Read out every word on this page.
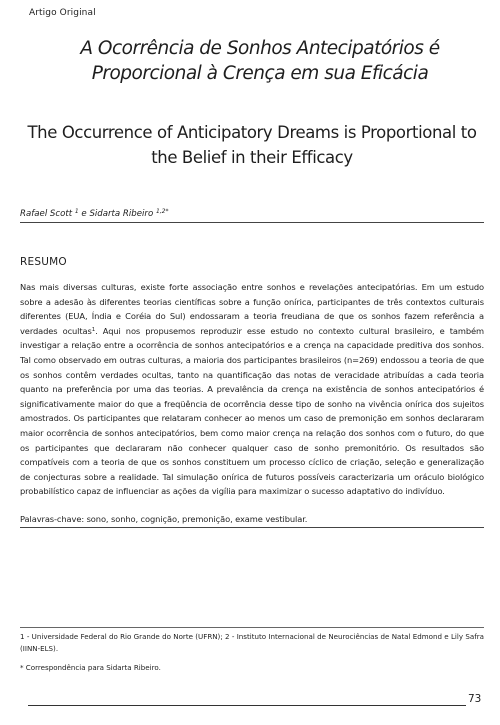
Artigo Original
A Ocorrência de Sonhos Antecipatórios é Proporcional à Crença em sua Eficácia
The Occurrence of Anticipatory Dreams is Proportional to the Belief in their Efficacy
Rafael Scott $^1$ e Sidarta Ribeiro $^{1,2*}$
RESUMO
Nas mais diversas culturas, existe forte associação entre sonhos e revelações antecipatórias. Em um estudo sobre a adesão às diferentes teorias científicas sobre a função onírica, participantes de três contextos culturais diferentes (EUA, Índia e Coréia do Sul) endossaram a teoria freudiana de que os sonhos fazem referência a verdades ocultas$^1$. Aqui nos propusemos reproduzir esse estudo no contexto cultural brasileiro, e também investigar a relação entre a ocorrência de sonhos antecipatórios e a crença na capacidade preditiva dos sonhos. Tal como observado em outras culturas, a maioria dos participantes brasileiros (n=269) endossou a teoria de que os sonhos contêm verdades ocultas, tanto na quantificação das notas de veracidade atribuídas a cada teoria quanto na preferência por uma das teorias. A prevalência da crença na existência de sonhos antecipatórios é significativamente maior do que a freqüência de ocorrência desse tipo de sonho na vivência onírica dos sujeitos amostrados. Os participantes que relataram conhecer ao menos um caso de premonição em sonhos declararam maior ocorrência de sonhos antecipatórios, bem como maior crença na relação dos sonhos com o futuro, do que os participantes que declararam não conhecer qualquer caso de sonho premonitório. Os resultados são compatíveis com a teoria de que os sonhos constituem um processo cíclico de criação, seleção e generalização de conjecturas sobre a realidade. Tal simulação onírica de futuros possíveis caracterizaria um oráculo biológico probabilístico capaz de influenciar as ações da vigília para maximizar o sucesso adaptativo do indivíduo.
Palavras-chave: sono, sonho, cognição, premonição, exame vestibular.
1 - Universidade Federal do Rio Grande do Norte (UFRN); 2 - Instituto Internacional de Neurociências de Natal Edmond e Lily Safra (IINN-ELS).
* Correspondência para Sidarta Ribeiro.
73
